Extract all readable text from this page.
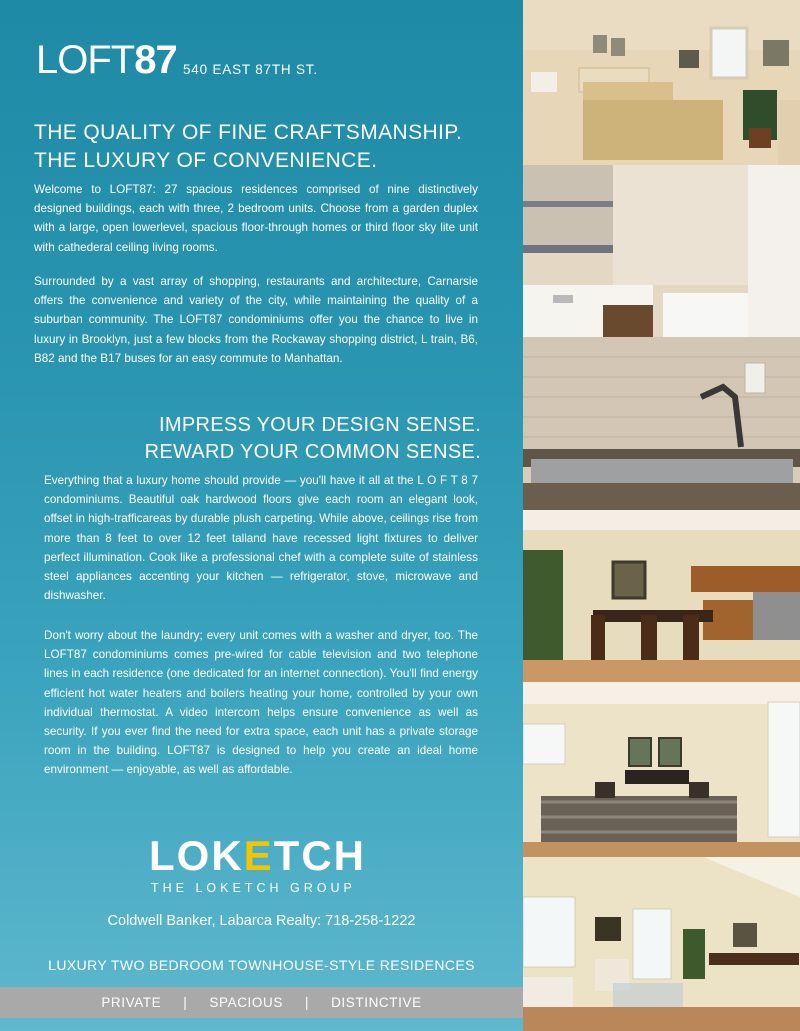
LOFT87 540 EAST 87TH ST.
THE QUALITY OF FINE CRAFTSMANSHIP.
THE LUXURY OF CONVENIENCE.
Welcome to LOFT87: 27 spacious residences comprised of nine distinctively designed buildings, each with three, 2 bedroom units. Choose from a garden duplex with a large, open lowerlevel, spacious floor-through homes or third floor sky lite unit with cathederal ceiling living rooms.
Surrounded by a vast array of shopping, restaurants and architecture, Carnarsie offers the convenience and variety of the city, while maintaining the quality of a suburban community. The LOFT87 condominiums offer you the chance to live in luxury in Brooklyn, just a few blocks from the Rockaway shopping district, L train, B6, B82 and the B17 buses for an easy commute to Manhattan.
IMPRESS YOUR DESIGN SENSE.
REWARD YOUR COMMON SENSE.
Everything that a luxury home should provide — you'll have it all at the L O F T 8 7 condominiums. Beautiful oak hardwood floors give each room an elegant look, offset in high-trafficareas by durable plush carpeting. While above, ceilings rise from more than 8 feet to over 12 feet talland have recessed light fixtures to deliver perfect illumination. Cook like a professional chef with a complete suite of stainless steel appliances accenting your kitchen — refrigerator, stove, microwave and dishwasher.
Don't worry about the laundry; every unit comes with a washer and dryer, too. The LOFT87 condominiums comes pre-wired for cable television and two telephone lines in each residence (one dedicated for an internet connection). You'll find energy efficient hot water heaters and boilers heating your home, controlled by your own individual thermostat. A video intercom helps ensure convenience as well as security. If you ever find the need for extra space, each unit has a private storage room in the building. LOFT87 is designed to help you create an ideal home environment — enjoyable, as well as affordable.
LOKETCH
THE LOKETCH GROUP
Coldwell Banker, Labarca Realty: 718-258-1222
LUXURY TWO BEDROOM TOWNHOUSE-STYLE RESIDENCES
PRIVATE | SPACIOUS | DISTINCTIVE
